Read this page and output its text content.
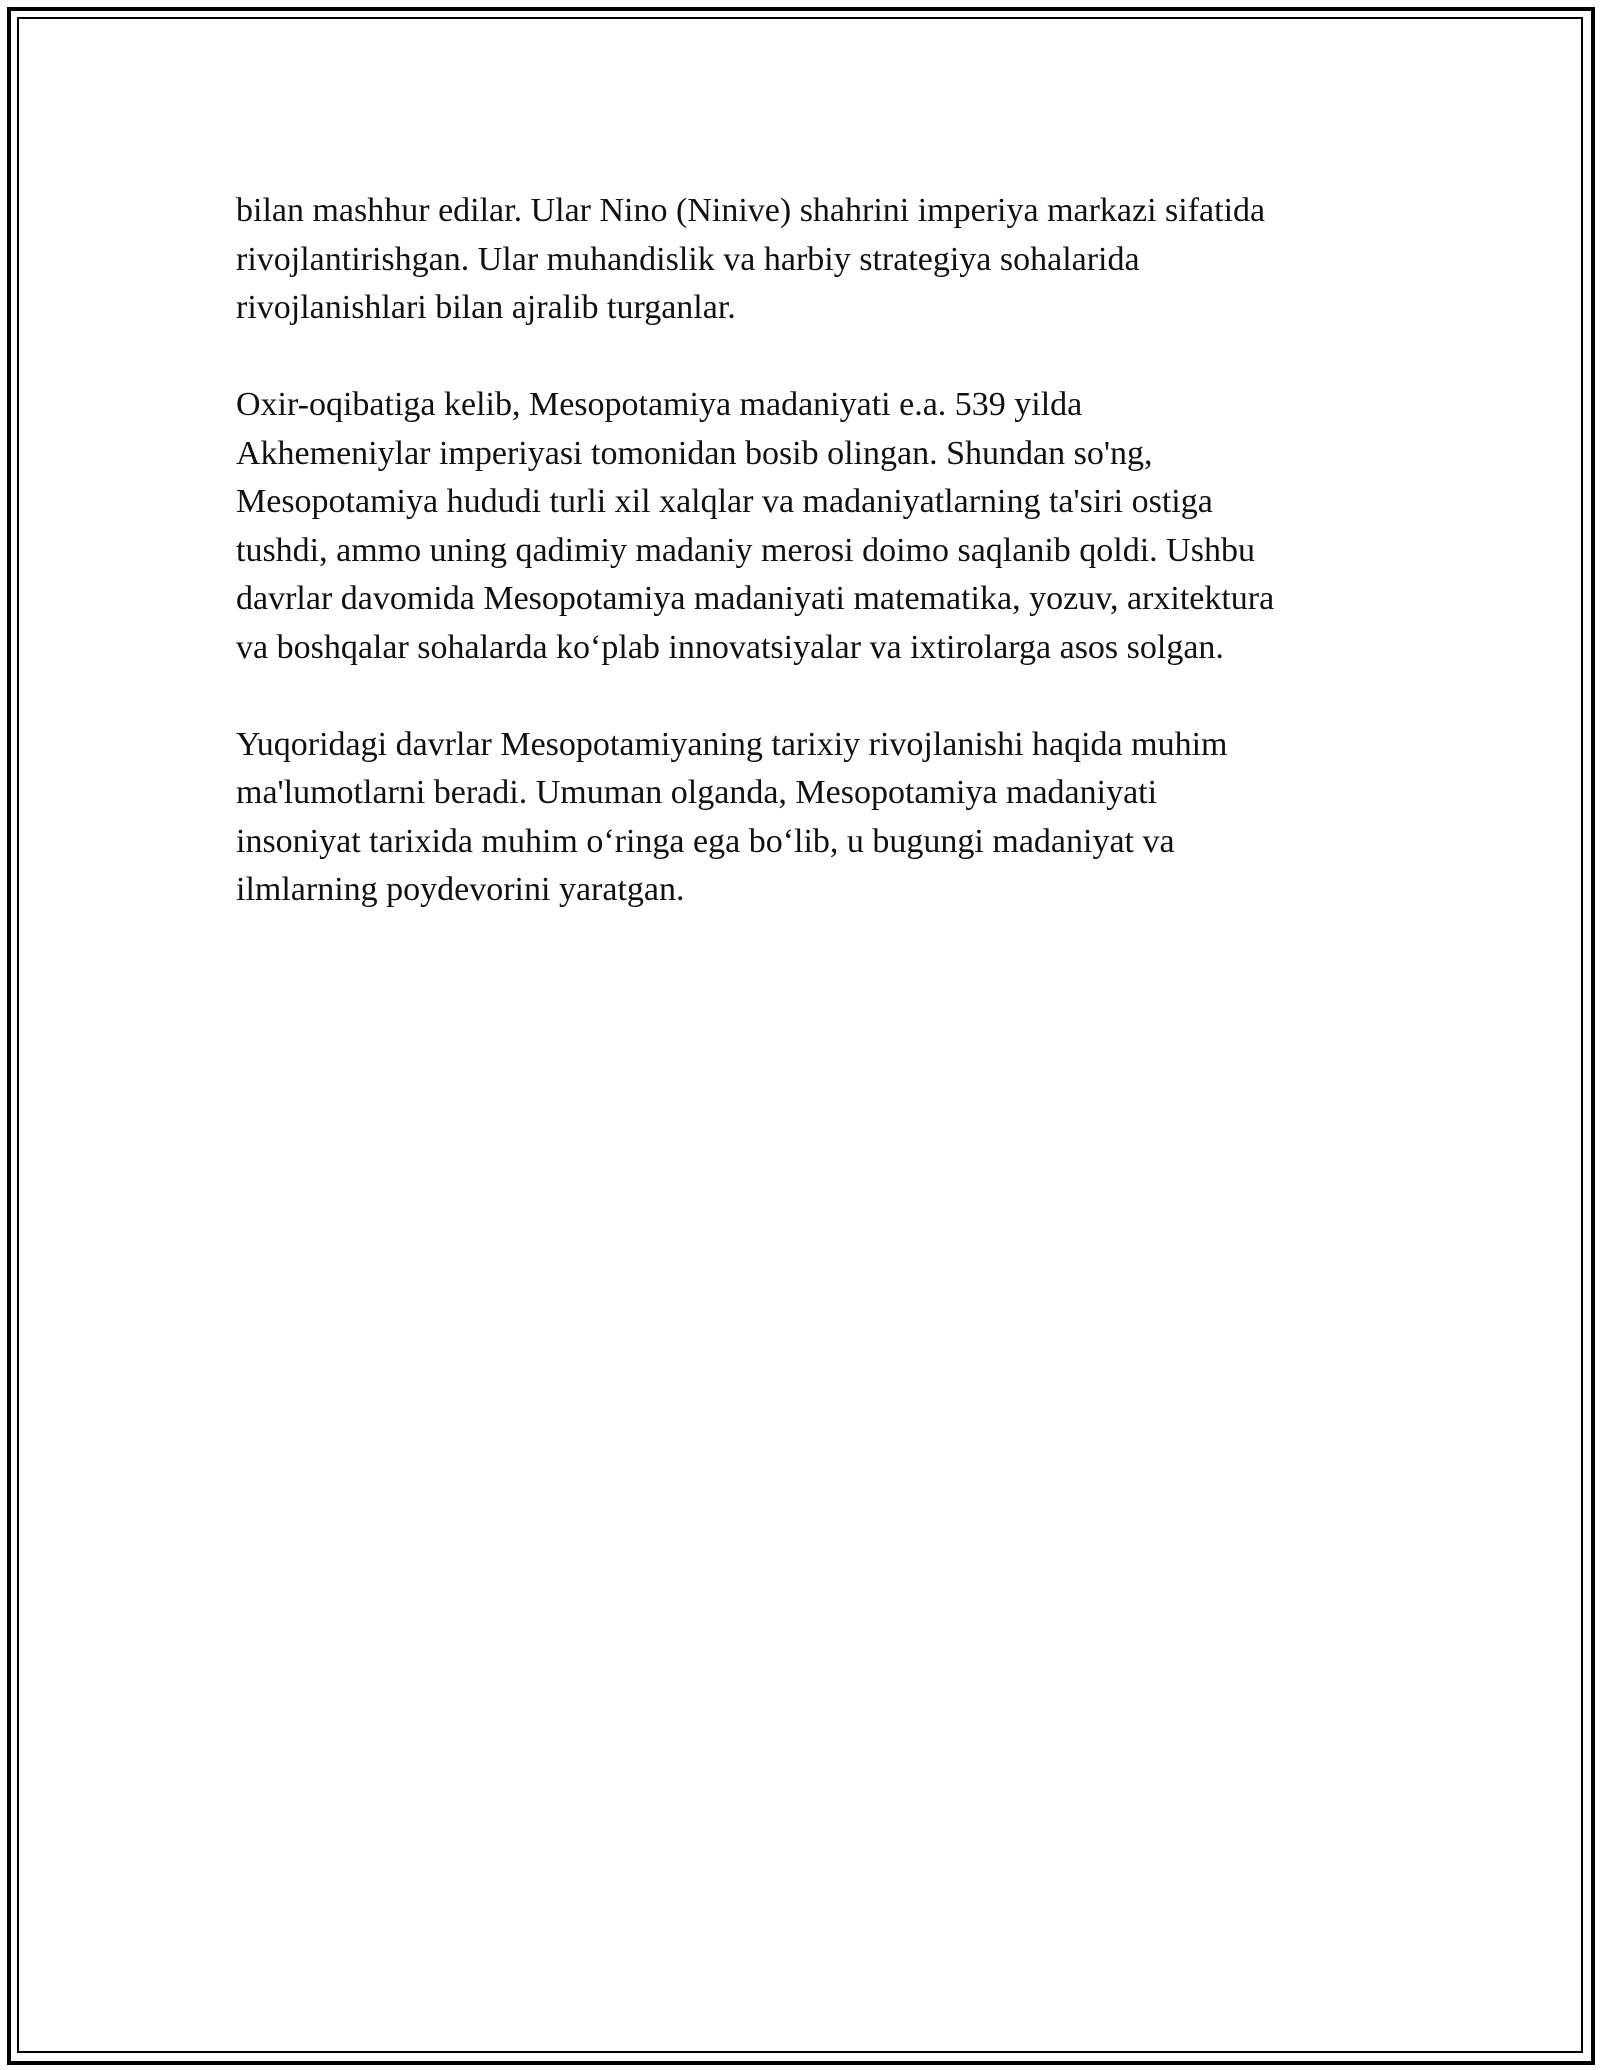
bilan mashhur edilar. Ular Nino (Ninive) shahrini imperiya markazi sifatida
rivojlantirishgan. Ular muhandislik va harbiy strategiya sohalarida
rivojlanishlari bilan ajralib turganlar.

Oxir-oqibatiga kelib, Mesopotamiya madaniyati e.a. 539 yilda
Akhemeniylar imperiyasi tomonidan bosib olingan. Shundan so'ng,
Mesopotamiya hududi turli xil xalqlar va madaniyatlarning ta'siri ostiga
tushdi, ammo uning qadimiy madaniy merosi doimo saqlanib qoldi. Ushbu
davrlar davomida Mesopotamiya madaniyati matematika, yozuv, arxitektura
va boshqalar sohalarda ko‘plab innovatsiyalar va ixtirolarga asos solgan.

Yuqoridagi davrlar Mesopotamiyaning tarixiy rivojlanishi haqida muhim
ma'lumotlarni beradi. Umuman olganda, Mesopotamiya madaniyati
insoniyat tarixida muhim o‘ringa ega bo‘lib, u bugungi madaniyat va
ilmlarning poydevorini yaratgan.
